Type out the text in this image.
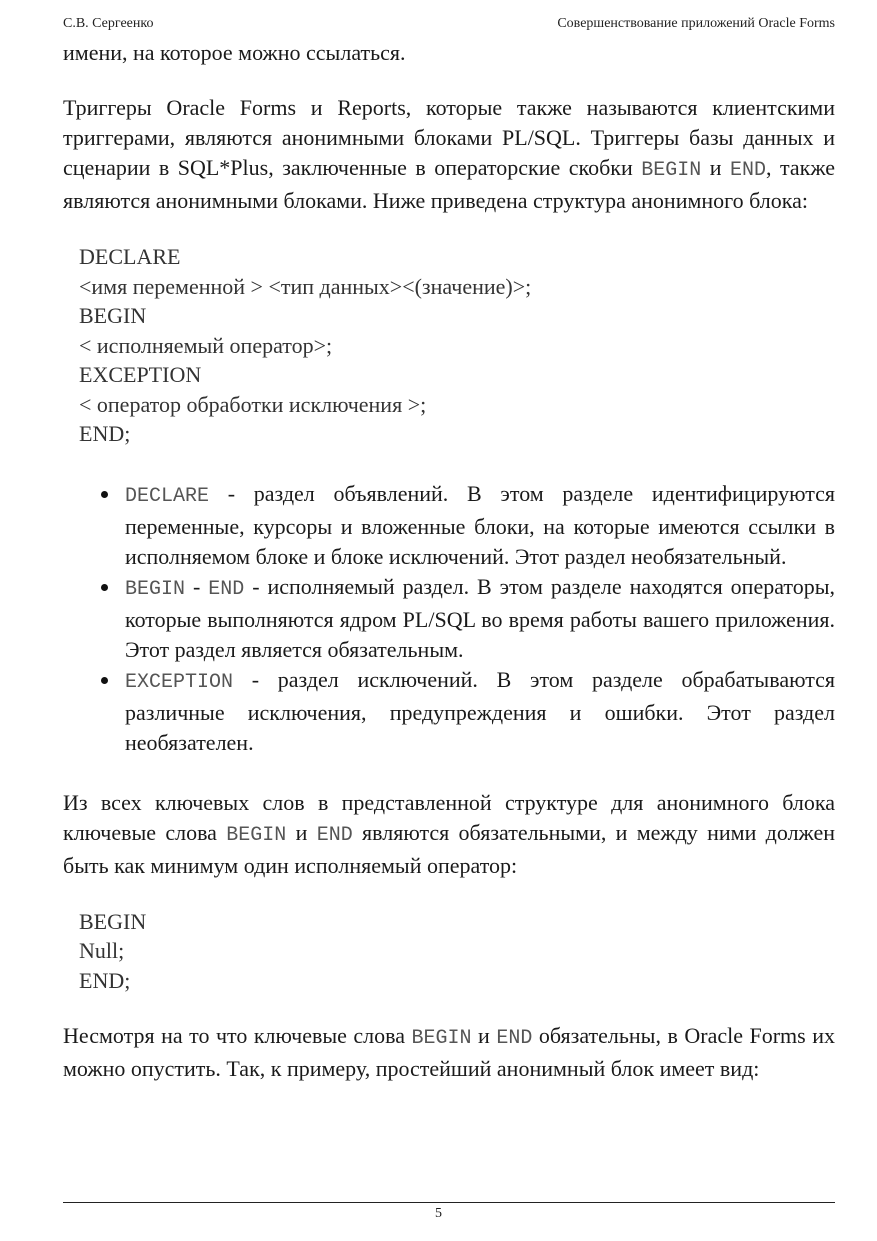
С.В. Сергеенко	Совершенствование приложений Oracle Forms

имени, на которое можно ссылаться.

Триггеры Oracle Forms и Reports, которые также называются клиентскими триггерами, являются анонимными блоками PL/SQL. Триггеры базы данных и сценарии в SQL*Plus, заключенные в операторские скобки BEGIN и END, также являются анонимными блоками. Ниже приведена структура анонимного блока:

DECLARE
<имя переменной > <тип данных><(значение)>;
BEGIN
< исполняемый оператор>;
EXCEPTION
< оператор обработки исключения >;
END;
DECLARE - раздел объявлений. В этом разделе идентифицируются переменные, курсоры и вложенные блоки, на которые имеются ссылки в исполняемом блоке и блоке исключений. Этот раздел необязательный.
BEGIN - END - исполняемый раздел. В этом разделе находятся операторы, которые выполняются ядром PL/SQL во время работы вашего приложения. Этот раздел является обязательным.
EXCEPTION - раздел исключений. В этом разделе обрабатываются различные исключения, предупреждения и ошибки. Этот раздел необязателен.

Из всех ключевых слов в представленной структуре для анонимного блока ключевые слова BEGIN и END являются обязательными, и между ними должен быть как минимум один исполняемый оператор:

BEGIN
Null;
END;

Несмотря на то что ключевые слова BEGIN и END обязательны, в Oracle Forms их можно опустить. Так, к примеру, простейший анонимный блок имеет вид:

5
